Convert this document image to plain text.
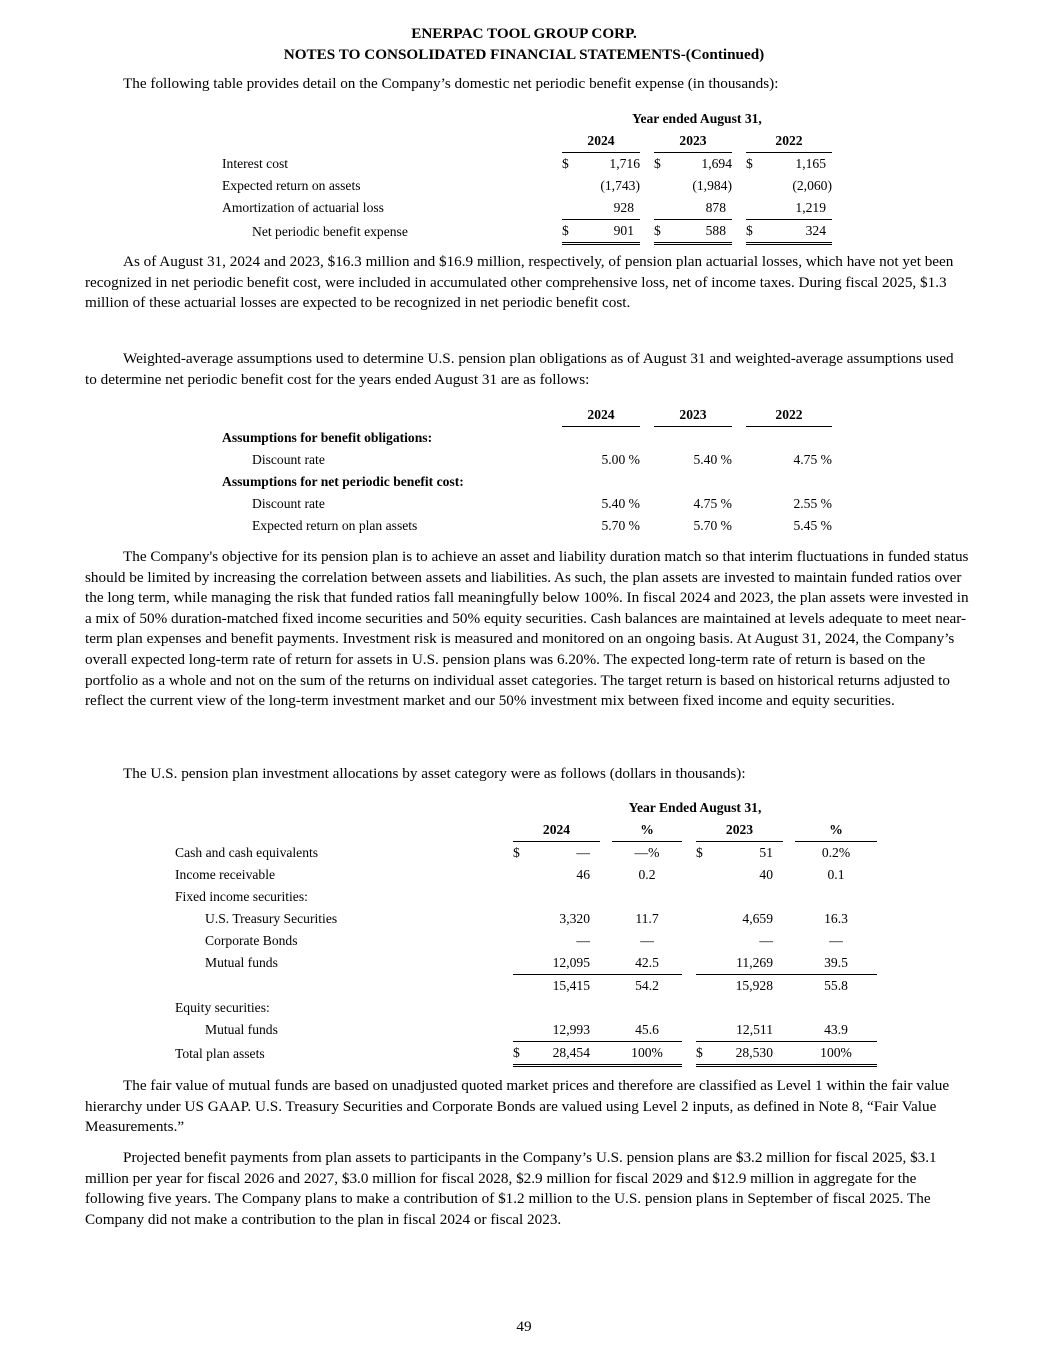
ENERPAC TOOL GROUP CORP.
NOTES TO CONSOLIDATED FINANCIAL STATEMENTS-(Continued)
The following table provides detail on the Company’s domestic net periodic benefit expense (in thousands):
	Year ended August 31,							
	2024			2023			2022	
Interest cost	$	1,716		$	1,694		$	1,165
Expected return on assets		(1,743)			(1,984)			(2,060)
Amortization of actuarial loss		928			878			1,219
Net periodic benefit expense	$	901		$	588		$	324
As of August 31, 2024 and 2023, $16.3 million and $16.9 million, respectively, of pension plan actuarial losses, which have not yet been recognized in net periodic benefit cost, were included in accumulated other comprehensive loss, net of income taxes. During fiscal 2025, $1.3 million of these actuarial losses are expected to be recognized in net periodic benefit cost.
Weighted-average assumptions used to determine U.S. pension plan obligations as of August 31 and weighted-average assumptions used to determine net periodic benefit cost for the years ended August 31 are as follows:
	2024		2023		2022
Assumptions for benefit obligations:					
Discount rate	5.00 %		5.40 %		4.75 %
Assumptions for net periodic benefit cost:					
Discount rate	5.40 %		4.75 %		2.55 %
Expected return on plan assets	5.70 %		5.70 %		5.45 %
The Company's objective for its pension plan is to achieve an asset and liability duration match so that interim fluctuations in funded status should be limited by increasing the correlation between assets and liabilities. As such, the plan assets are invested to maintain funded ratios over the long term, while managing the risk that funded ratios fall meaningfully below 100%. In fiscal 2024 and 2023, the plan assets were invested in a mix of 50% duration-matched fixed income securities and 50% equity securities. Cash balances are maintained at levels adequate to meet near-term plan expenses and benefit payments. Investment risk is measured and monitored on an ongoing basis. At August 31, 2024, the Company’s overall expected long-term rate of return for assets in U.S. pension plans was 6.20%. The expected long-term rate of return is based on the portfolio as a whole and not on the sum of the returns on individual asset categories. The target return is based on historical returns adjusted to reflect the current view of the long-term investment market and our 50% investment mix between fixed income and equity securities.
The U.S. pension plan investment allocations by asset category were as follows (dollars in thousands):
	Year Ended August 31,								
	2024			%		2023			%
Cash and cash equivalents	$	—		—%		$	51		0.2%
Income receivable		46		0.2			40		0.1
Fixed income securities:									
U.S. Treasury Securities		3,320		11.7			4,659		16.3
Corporate Bonds		—		—			—		—
Mutual funds		12,095		42.5			11,269		39.5
		15,415		54.2			15,928		55.8
Equity securities:									
Mutual funds		12,993		45.6			12,511		43.9
Total plan assets	$	28,454		100%		$	28,530		100%
The fair value of mutual funds are based on unadjusted quoted market prices and therefore are classified as Level 1 within the fair value hierarchy under US GAAP. U.S. Treasury Securities and Corporate Bonds are valued using Level 2 inputs, as defined in Note 8, “Fair Value Measurements.”
Projected benefit payments from plan assets to participants in the Company’s U.S. pension plans are $3.2 million for fiscal 2025, $3.1 million per year for fiscal 2026 and 2027, $3.0 million for fiscal 2028, $2.9 million for fiscal 2029 and $12.9 million in aggregate for the following five years. The Company plans to make a contribution of $1.2 million to the U.S. pension plans in September of fiscal 2025. The Company did not make a contribution to the plan in fiscal 2024 or fiscal 2023.
49
